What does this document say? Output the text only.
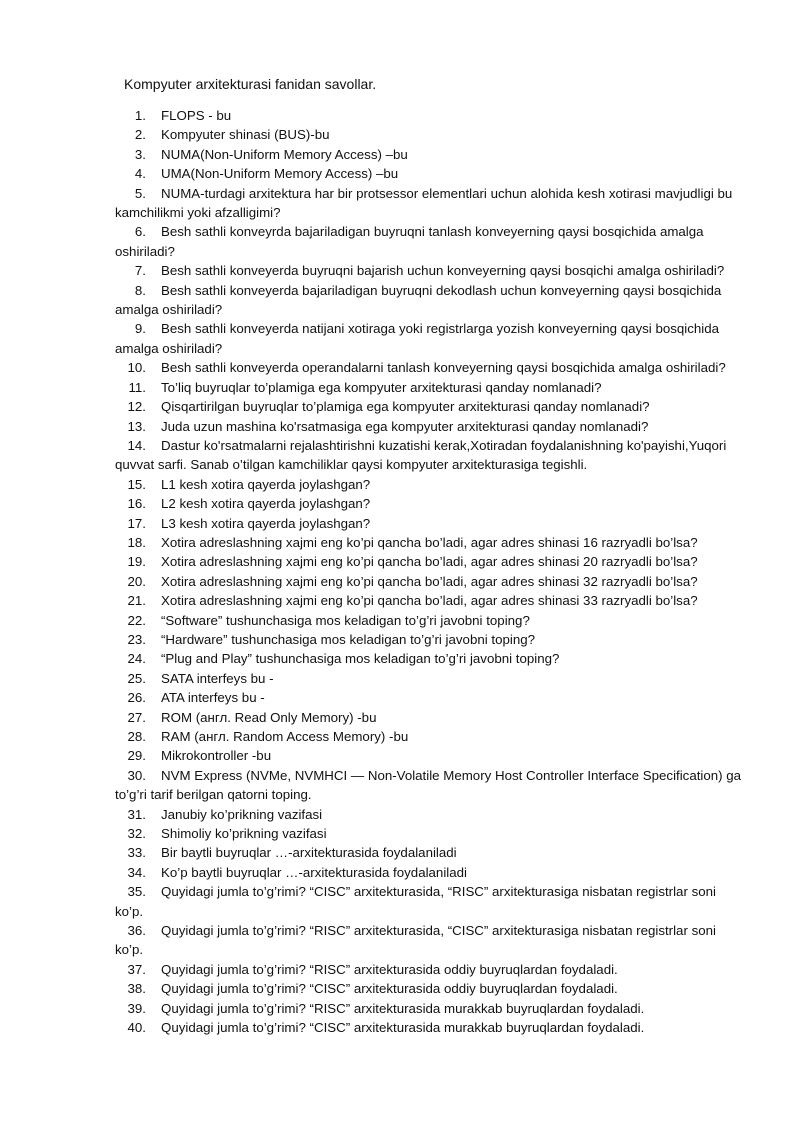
Kompyuter arxitekturasi fanidan savollar.

1. FLOPS - bu

2. Kompyuter shinasi (BUS)-bu

3. NUMA(Non-Uniform Memory Access) –bu

4. UMA(Non-Uniform Memory Access) –bu

5. NUMA-turdagi arxitektura har bir protsessor elementlari uchun alohida kesh xotirasi mavjudligi bu kamchilikmi yoki afzalligimi?

6. Besh sathli konveyrda bajariladigan buyruqni tanlash konveyerning qaysi bosqichida amalga oshiriladi?

7. Besh sathli konveyerda buyruqni bajarish uchun konveyerning qaysi bosqichi amalga oshiriladi?

8. Besh sathli konveyerda bajariladigan buyruqni dekodlash uchun konveyerning qaysi bosqichida amalga oshiriladi?

9. Besh sathli konveyerda natijani xotiraga yoki registrlarga yozish konveyerning qaysi bosqichida amalga oshiriladi?

10. Besh sathli konveyerda operandalarni tanlash konveyerning qaysi bosqichida amalga oshiriladi?

11. To’liq buyruqlar to’plamiga ega kompyuter arxitekturasi qanday nomlanadi?

12. Qisqartirilgan buyruqlar to’plamiga ega kompyuter arxitekturasi qanday nomlanadi?

13. Juda uzun mashina ko'rsatmasiga ega kompyuter arxitekturasi qanday nomlanadi?

14. Dastur ko'rsatmalarni rejalashtirishni kuzatishi kerak,Xotiradan foydalanishning ko'payishi,Yuqori quvvat sarfi. Sanab o’tilgan kamchiliklar qaysi kompyuter arxitekturasiga tegishli.

15. L1 kesh xotira qayerda joylashgan?

16. L2 kesh xotira qayerda joylashgan?

17. L3 kesh xotira qayerda joylashgan?

18. Xotira adreslashning xajmi eng ko’pi qancha bo’ladi, agar adres shinasi 16 razryadli bo’lsa?

19. Xotira adreslashning xajmi eng ko’pi qancha bo’ladi, agar adres shinasi 20 razryadli bo’lsa?

20. Xotira adreslashning xajmi eng ko’pi qancha bo’ladi, agar adres shinasi 32 razryadli bo’lsa?

21. Xotira adreslashning xajmi eng ko’pi qancha bo’ladi, agar adres shinasi 33 razryadli bo’lsa?

22. “Software” tushunchasiga mos keladigan to’g’ri javobni toping?

23. “Hardware” tushunchasiga mos keladigan to’g’ri javobni toping?

24. “Plug and Play” tushunchasiga mos keladigan to’g’ri javobni toping?

25. SATA interfeys bu -

26. ATA interfeys bu -

27. ROM (англ. Read Only Memory) -bu

28. RAM (англ. Random Access Memory) -bu

29. Mikrokontroller -bu

30. NVM Express (NVMe, NVMHCI — Non-Volatile Memory Host Controller Interface Specification) ga to’g’ri tarif berilgan qatorni toping.

31. Janubiy ko’prikning vazifasi

32. Shimoliy ko’prikning vazifasi

33. Bir baytli buyruqlar …-arxitekturasida foydalaniladi

34. Ko’p baytli buyruqlar …-arxitekturasida foydalaniladi

35. Quyidagi jumla to’g’rimi? “CISC” arxitekturasida, “RISC” arxitekturasiga nisbatan registrlar soni ko’p.

36. Quyidagi jumla to’g’rimi? “RISC” arxitekturasida, “CISC” arxitekturasiga nisbatan registrlar soni ko’p.

37. Quyidagi jumla to’g’rimi? “RISC” arxitekturasida oddiy buyruqlardan foydaladi.

38. Quyidagi jumla to’g’rimi? “CISC” arxitekturasida oddiy buyruqlardan foydaladi.

39. Quyidagi jumla to’g’rimi? “RISC” arxitekturasida murakkab buyruqlardan foydaladi.

40. Quyidagi jumla to’g’rimi? “CISC” arxitekturasida murakkab buyruqlardan foydaladi.
